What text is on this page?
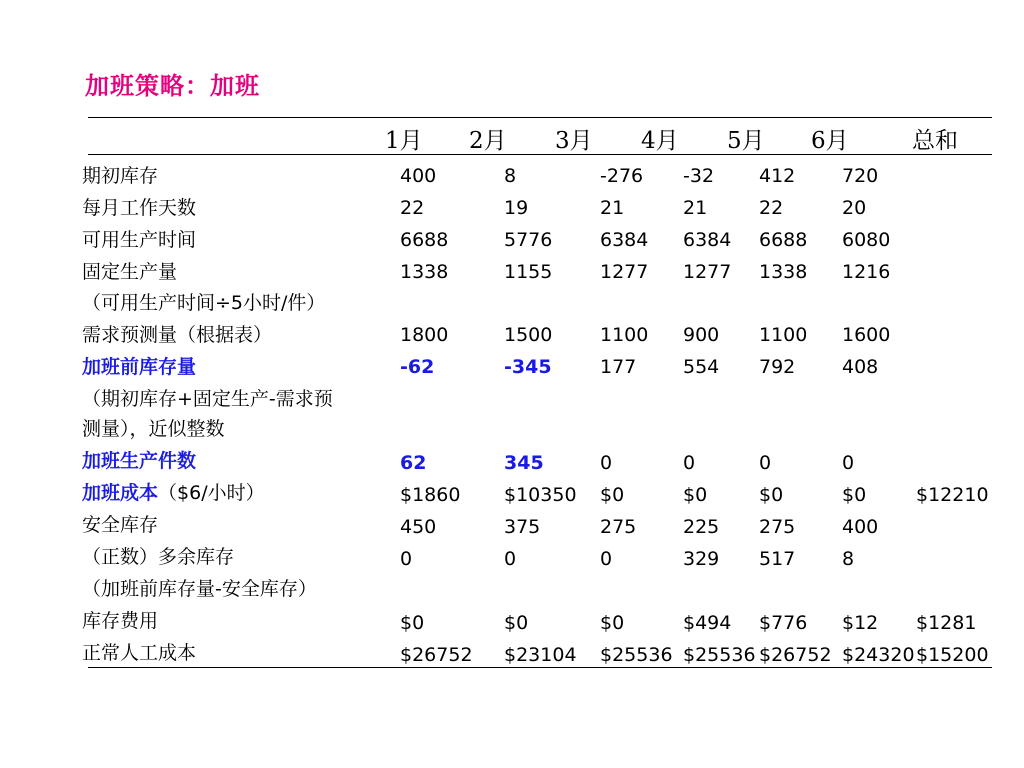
加班策略：加班
1月 2月 3月 4月 5月 6月	总和
期初库存	400	8	-276 -32 412 720
每月工作天数	22	19	21	21	22	20
可用生产时间	6688	5776	6384 6384 6688 6080
固定生产量	1338	1155	1277 1277 1338 1216
（可用生产时间÷5小时/件）
需求预测量（根据表）	1800	1500	1100 900 1100 1600
加班前库存量	-62	-345	177 554 792 408
（期初库存+固定生产-需求预
测量），近似整数
加班生产件数	62	345	0	0	0	0
加班成本（$6/小时）	$1860 $10350 $0	$0	$0	$0	$12210
安全库存	450	375	275 225 275 400
（正数）多余库存	0	0	0	329 517 8
（加班前库存量-安全库存）
库存费用	$0	$0	$0	$494 $776 $12 $1281
正常人工成本	$26752 $23104 $25536 $25536 $26752 $24320 $15200
